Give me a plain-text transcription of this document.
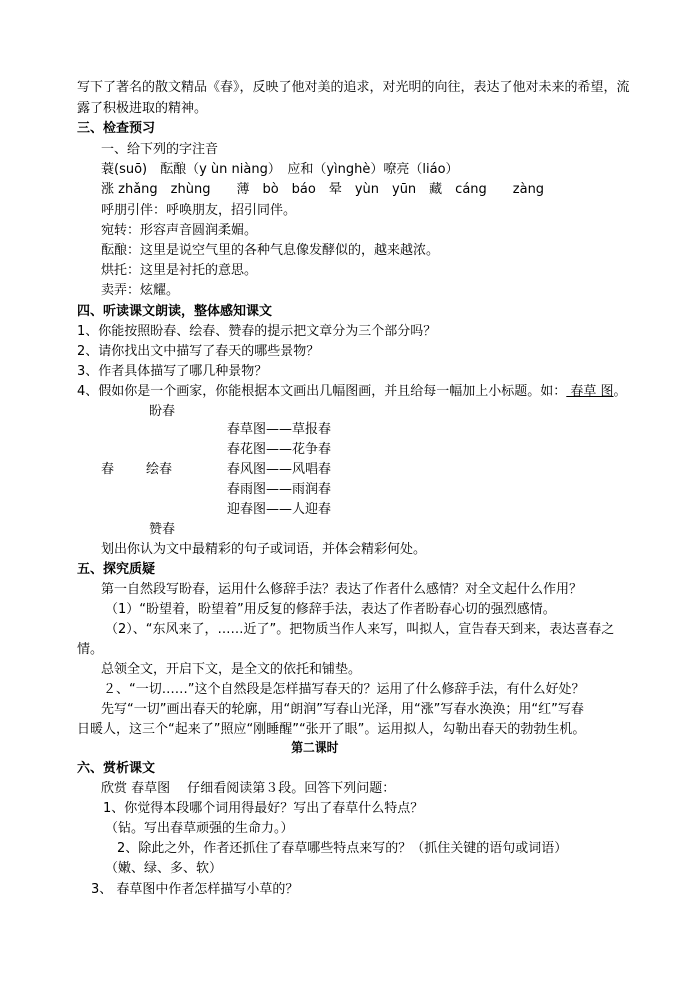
写下了著名的散文精品《春》，反映了他对美的追求，对光明的向往，表达了他对未来的希望，流
露了积极进取的精神。
三、检查预习
一、给下列的字注音
蓑(suō)　酝酿（y ùn niàng）　应和（yìnghè）嘹亮（liáo）
涨 zhǎng　zhùng　　薄　bò　báo　晕　yùn　yūn　藏　cáng　　zàng
呼朋引伴：呼唤朋友，招引同伴。
宛转：形容声音圆润柔媚。
酝酿：这里是说空气里的各种气息像发酵似的，越来越浓。
烘托：这里是衬托的意思。
卖弄：炫耀。
四、听读课文朗读，整体感知课文
1、你能按照盼春、绘春、赞春的提示把文章分为三个部分吗？
2、请你找出文中描写了春天的哪些景物？
3、作者具体描写了哪几种景物？
4、假如你是一个画家，你能根据本文画出几幅图画，并且给每一幅加上小标题。如： 春草 图。
盼春
春草图——草报春
春花图——花争春
春 绘春	春风图——风唱春
春雨图——雨润春
迎春图——人迎春
赞春
划出你认为文中最精彩的句子或词语，并体会精彩何处。
五、探究质疑
第一自然段写盼春，运用什么修辞手法？表达了作者什么感情？对全文起什么作用？
（1）“盼望着，盼望着”用反复的修辞手法，表达了作者盼春心切的强烈感情。
（2）、“东风来了，……近了”。把物质当作人来写，叫拟人，宣告春天到来，表达喜春之
情。
总领全文，开启下文，是全文的依托和铺垫。
２、“一切……”这个自然段是怎样描写春天的？运用了什么修辞手法，有什么好处？
先写“一切”画出春天的轮廓，用“朗润”写春山光泽，用“涨”写春水涣涣；用“红”写春
日暖人，这三个“起来了”照应“刚睡醒”“张开了眼”。运用拟人，勾勒出春天的勃勃生机。
第二课时
六、赏析课文
欣赏 春草图　 仔细看阅读第３段。回答下列问题：
1、你觉得本段哪个词用得最好？写出了春草什么特点？
（钻。写出春草顽强的生命力。）
2、除此之外，作者还抓住了春草哪些特点来写的？（抓住关键的语句或词语）
（嫩、绿、多、软）
3、 春草图中作者怎样描写小草的？
